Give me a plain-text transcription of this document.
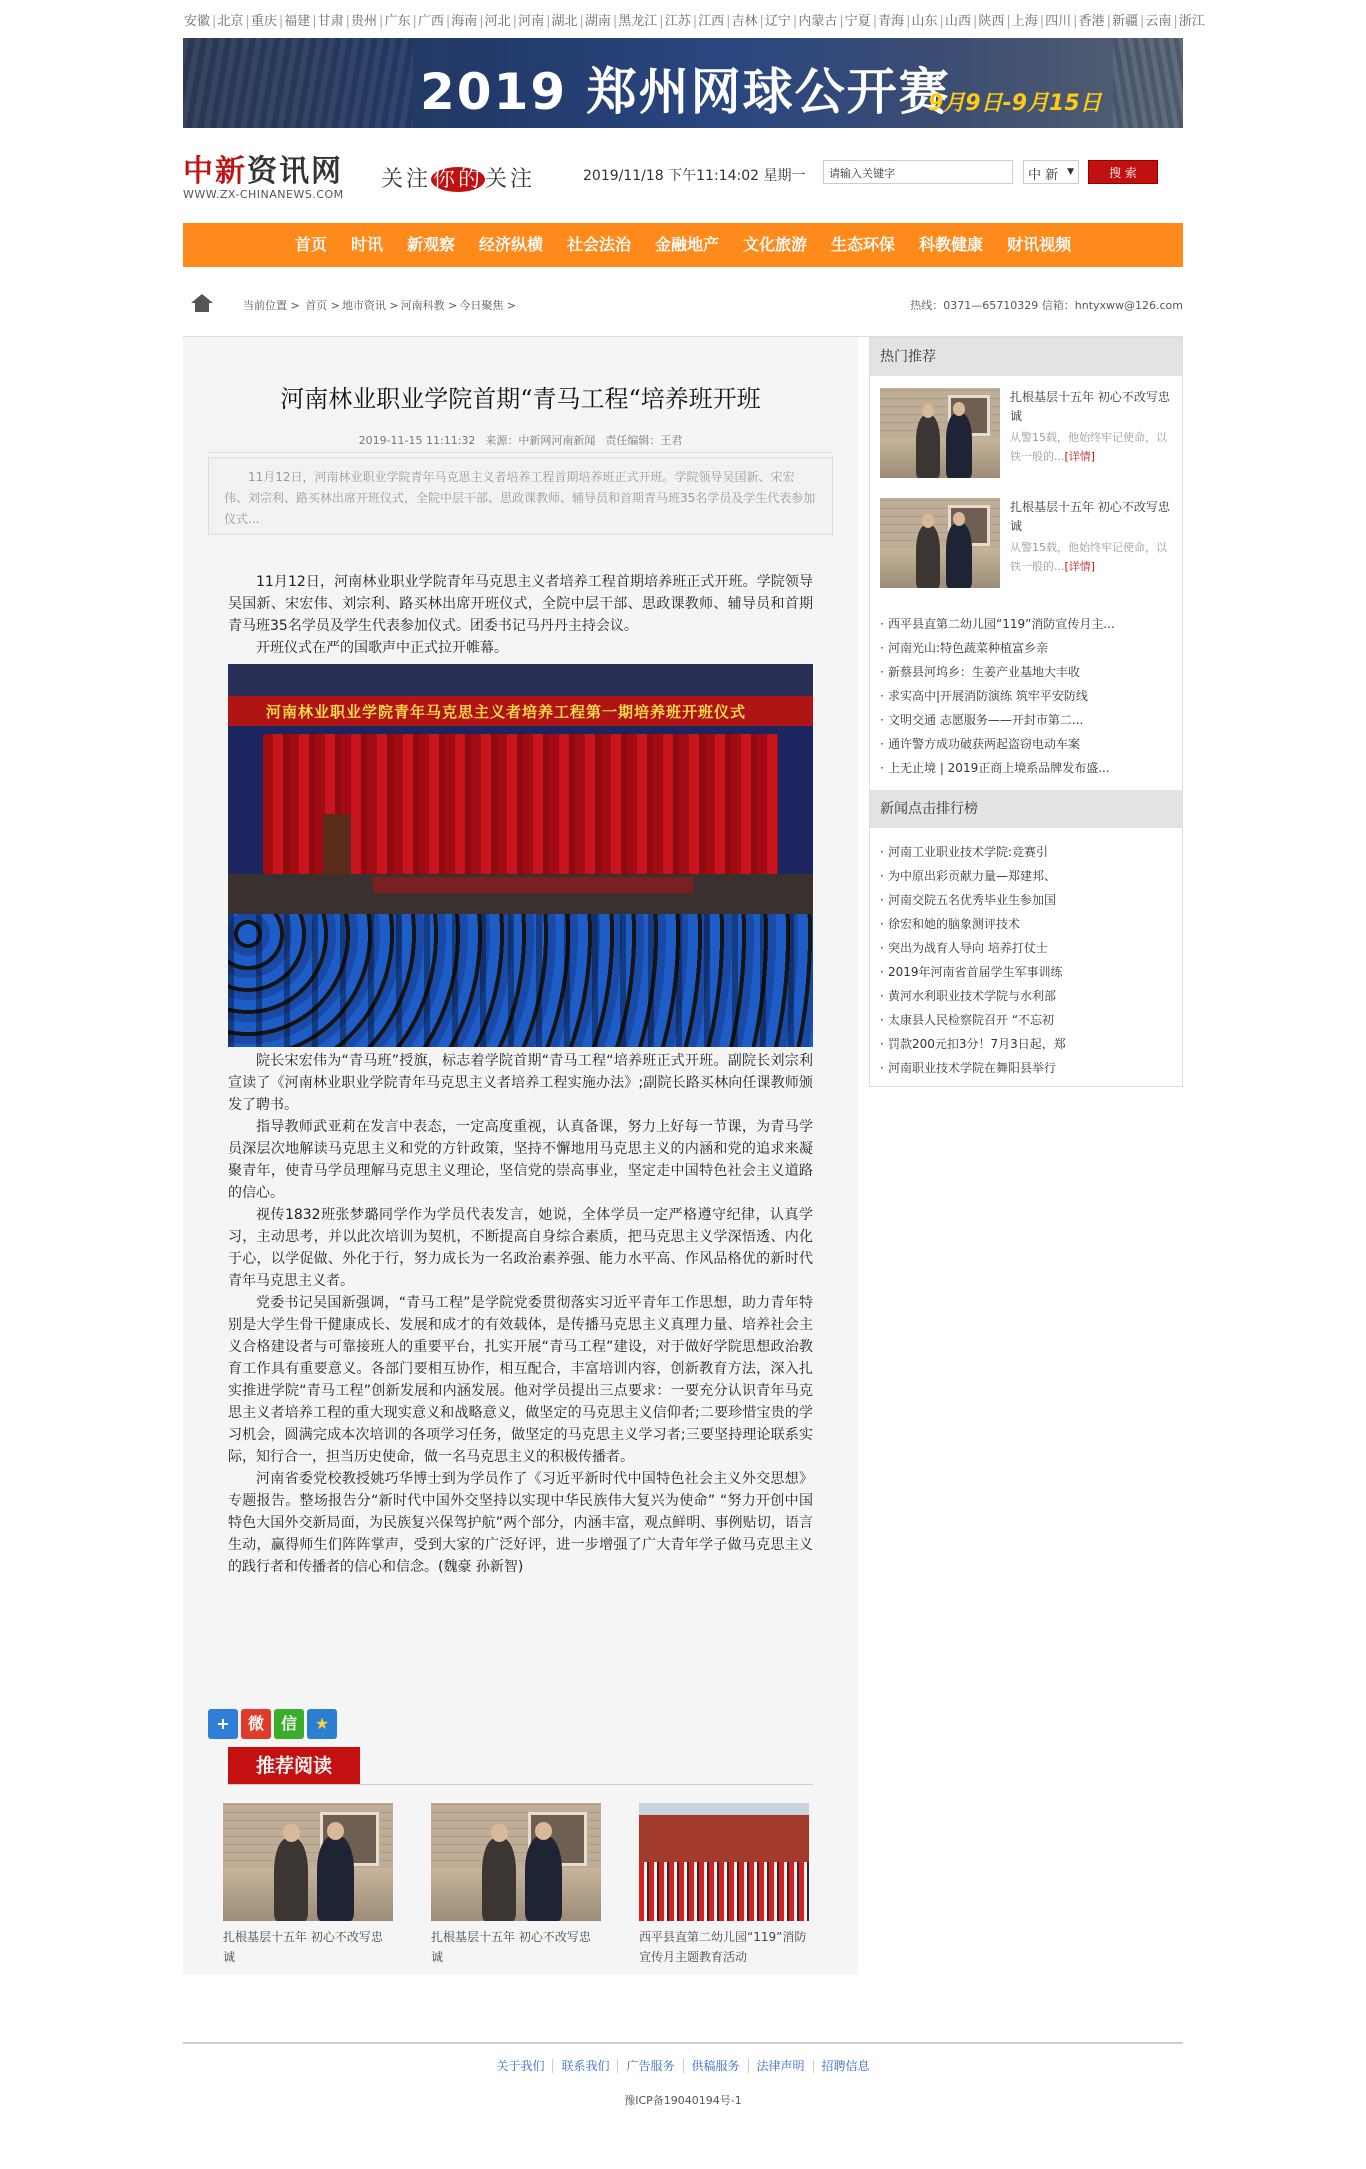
安徽 | 北京 | 重庆 | 福建 | 甘肃 | 贵州 | 广东 | 广西 | 海南 | 河北 | 河南 | 湖北 | 湖南 | 黑龙江 | 江苏 | 江西 | 吉林 | 辽宁 | 内蒙古 | 宁夏 | 青海 | 山东 | 山西 | 陕西 | 上海 | 四川 | 香港 | 新疆 | 云南 | 浙江
2019 郑州网球公开赛
9月9日-9月15日
中新资讯网
WWW.ZX-CHINANEWS.COM
关注你的关注	2019/11/18 下午11:14:02 星期一	请输入关键字	中 新 ▼	搜 索
首页 时讯 新观察 经济纵横 社会法治 金融地产 文化旅游 生态环保 科教健康 财讯视频
当前位置 > 首页 > 地市资讯 > 河南科教 > 今日聚焦 >	热线：0371—65710329 信箱：hntyxww@126.com
河南林业职业学院首期“青马工程“培养班开班
2019-11-15 11:11:32 来源：中新网河南新闻 责任编辑：王君
11月12日，河南林业职业学院青年马克思主义者培养工程首期培养班正式开班。学院领导吴国新、宋宏伟、刘宗利、路买林出席开班仪式，全院中层干部、思政课教师、辅导员和首期青马班35名学员及学生代表参加仪式...

11月12日，河南林业职业学院青年马克思主义者培养工程首期培养班正式开班。学院领导吴国新、宋宏伟、刘宗利、路买林出席开班仪式，全院中层干部、思政课教师、辅导员和首期青马班35名学员及学生代表参加仪式。团委书记马丹丹主持会议。

开班仪式在严的国歌声中正式拉开帷幕。

河南林业职业学院青年马克思主义者培养工程第一期培养班开班仪式

院长宋宏伟为“青马班”授旗，标志着学院首期“青马工程“培养班正式开班。副院长刘宗利宣读了《河南林业职业学院青年马克思主义者培养工程实施办法》;副院长路买林向任课教师颁发了聘书。

指导教师武亚莉在发言中表态，一定高度重视，认真备课，努力上好每一节课，为青马学员深层次地解读马克思主义和党的方针政策，坚持不懈地用马克思主义的内涵和党的追求来凝聚青年，使青马学员理解马克思主义理论，坚信党的崇高事业，坚定走中国特色社会主义道路的信心。

视传1832班张梦璐同学作为学员代表发言，她说，全体学员一定严格遵守纪律，认真学习，主动思考，并以此次培训为契机，不断提高自身综合素质，把马克思主义学深悟透、内化于心，以学促做、外化于行，努力成长为一名政治素养强、能力水平高、作风品格优的新时代青年马克思主义者。

党委书记吴国新强调，“青马工程”是学院党委贯彻落实习近平青年工作思想，助力青年特别是大学生骨干健康成长、发展和成才的有效载体，是传播马克思主义真理力量、培养社会主义合格建设者与可靠接班人的重要平台，扎实开展“青马工程”建设，对于做好学院思想政治教育工作具有重要意义。各部门要相互协作，相互配合，丰富培训内容，创新教育方法，深入扎实推进学院“青马工程”创新发展和内涵发展。他对学员提出三点要求：一要充分认识青年马克思主义者培养工程的重大现实意义和战略意义，做坚定的马克思主义信仰者;二要珍惜宝贵的学习机会，圆满完成本次培训的各项学习任务，做坚定的马克思主义学习者;三要坚持理论联系实际，知行合一，担当历史使命，做一名马克思主义的积极传播者。

河南省委党校教授姚巧华博士到为学员作了《习近平新时代中国特色社会主义外交思想》专题报告。整场报告分“新时代中国外交坚持以实现中华民族伟大复兴为使命” “努力开创中国特色大国外交新局面，为民族复兴保驾护航”两个部分，内涵丰富，观点鲜明、事例贴切，语言生动，赢得师生们阵阵掌声，受到大家的广泛好评，进一步增强了广大青年学子做马克思主义的践行者和传播者的信心和信念。(魏豪 孙新智)

+ 微 信 ★
推荐阅读
扎根基层十五年 初心不改写忠诚
扎根基层十五年 初心不改写忠诚
西平县直第二幼儿园“119”消防宣传月主题教育活动
热门推荐
扎根基层十五年 初心不改写忠诚
从警15载，他始终牢记使命，以铁一般的...[详情]
扎根基层十五年 初心不改写忠诚
从警15载，他始终牢记使命，以铁一般的...[详情]
· 西平县直第二幼儿园“119”消防宣传月主...
· 河南光山:特色蔬菜种植富乡亲
· 新蔡县河坞乡：生姜产业基地大丰收
· 求实高中|开展消防演练 筑牢平安防线
· 文明交通 志愿服务——开封市第二...
· 通许警方成功破获两起盗窃电动车案
· 上无止境 | 2019正商上境系品牌发布盛...
新闻点击排行榜
· 河南工业职业技术学院:竞赛引
· 为中原出彩贡献力量—郑建邦、
· 河南交院五名优秀毕业生参加国
· 徐宏和她的脑象测评技术
· 突出为战育人导向 培养打仗士
· 2019年河南省首届学生军事训练
· 黄河水利职业技术学院与水利部
· 太康县人民检察院召开 “不忘初
· 罚款200元扣3分！7月3日起，郑
· 河南职业技术学院在舞阳县举行
关于我们 联系我们 广告服务 供稿服务 法律声明 招聘信息
豫ICP备19040194号-1
